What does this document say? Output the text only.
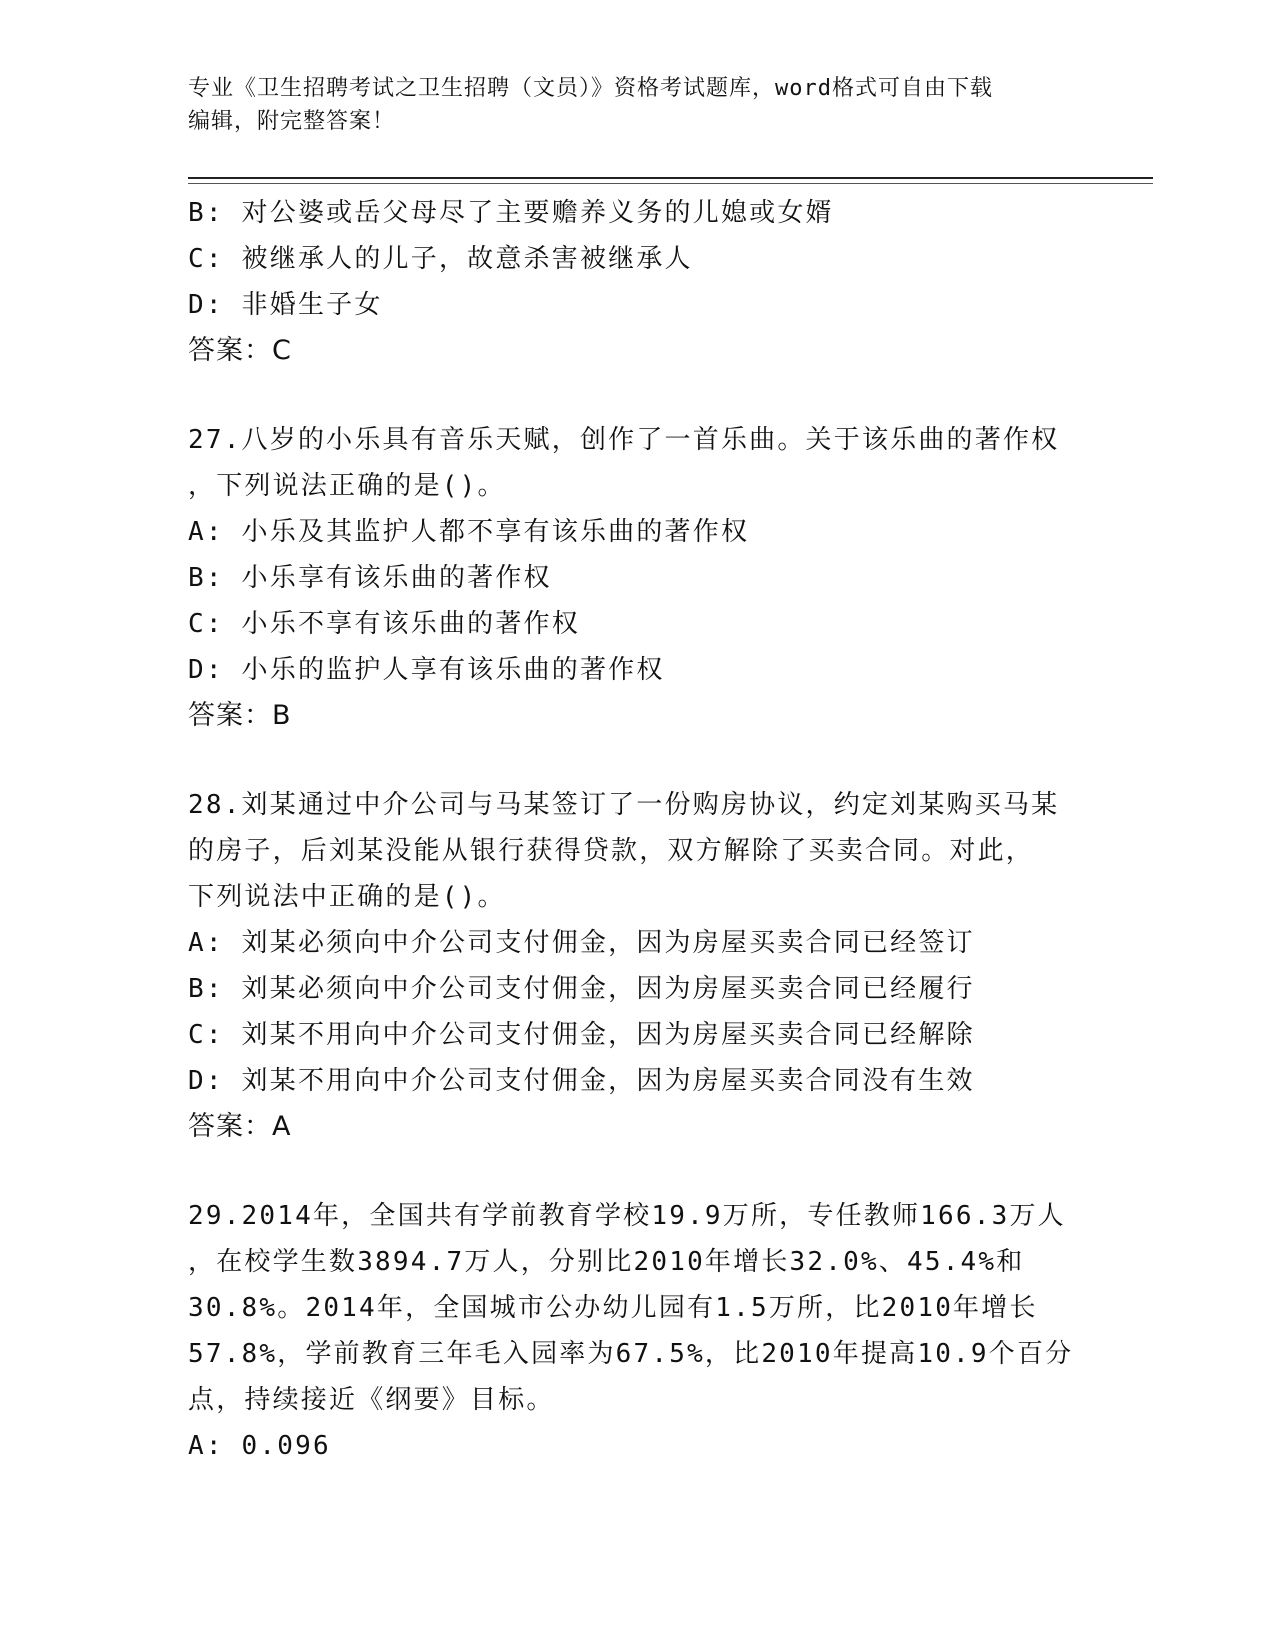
专业《卫生招聘考试之卫生招聘（文员）》资格考试题库，word格式可自由下载
编辑，附完整答案！
B: 对公婆或岳父母尽了主要赡养义务的儿媳或女婿
C: 被继承人的儿子，故意杀害被继承人
D: 非婚生子女
答案：C
27.八岁的小乐具有音乐天赋，创作了一首乐曲。关于该乐曲的著作权
，下列说法正确的是()。
A: 小乐及其监护人都不享有该乐曲的著作权
B: 小乐享有该乐曲的著作权
C: 小乐不享有该乐曲的著作权
D: 小乐的监护人享有该乐曲的著作权
答案：B
28.刘某通过中介公司与马某签订了一份购房协议，约定刘某购买马某
的房子，后刘某没能从银行获得贷款，双方解除了买卖合同。对此，
下列说法中正确的是()。
A: 刘某必须向中介公司支付佣金，因为房屋买卖合同已经签订
B: 刘某必须向中介公司支付佣金，因为房屋买卖合同已经履行
C: 刘某不用向中介公司支付佣金，因为房屋买卖合同已经解除
D: 刘某不用向中介公司支付佣金，因为房屋买卖合同没有生效
答案：A
29.2014年，全国共有学前教育学校19.9万所，专任教师166.3万人
，在校学生数3894.7万人，分别比2010年增长32.0%、45.4%和
30.8%。2014年，全国城市公办幼儿园有1.5万所，比2010年增长
57.8%，学前教育三年毛入园率为67.5%，比2010年提高10.9个百分
点，持续接近《纲要》目标。
A: 0.096
